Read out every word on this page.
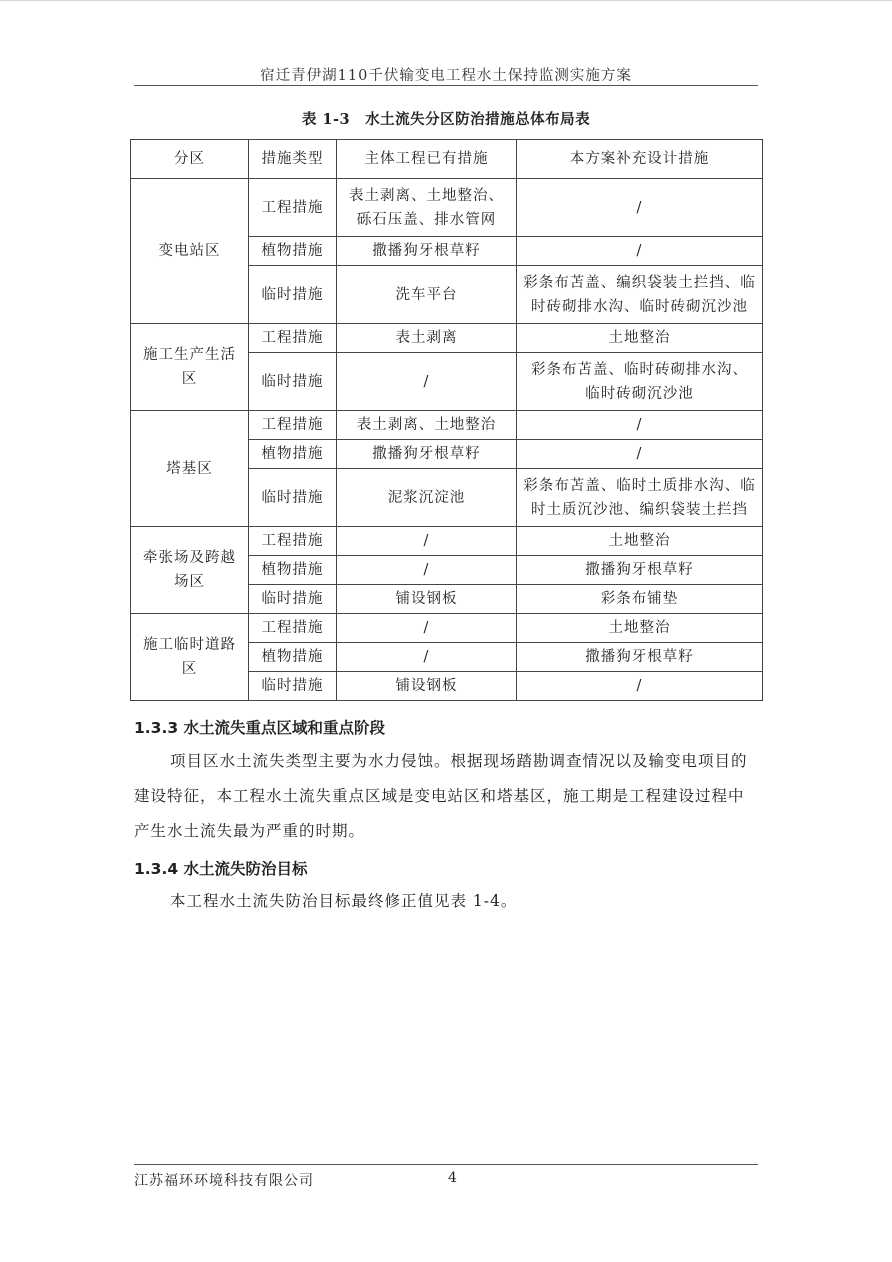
宿迁青伊湖110千伏输变电工程水土保持监测实施方案
表 1-3　水土流失分区防治措施总体布局表
分区	措施类型	主体工程已有措施	本方案补充设计措施
变电站区	工程措施	表土剥离、土地整治、
砾石压盖、排水管网	/

	植物措施	撒播狗牙根草籽	/

	临时措施	洗车平台	彩条布苫盖、编织袋装土拦挡、临
时砖砌排水沟、临时砖砌沉沙池

施工生产生活区	工程措施	表土剥离	土地整治

	临时措施	/	彩条布苫盖、临时砖砌排水沟、
临时砖砌沉沙池

塔基区	工程措施	表土剥离、土地整治	/

	植物措施	撒播狗牙根草籽	/

	临时措施	泥浆沉淀池	彩条布苫盖、临时土质排水沟、临
时土质沉沙池、编织袋装土拦挡

牵张场及跨越场区	工程措施	/	土地整治

	植物措施	/	撒播狗牙根草籽

	临时措施	铺设钢板	彩条布铺垫

施工临时道路区	工程措施	/	土地整治

	植物措施	/	撒播狗牙根草籽

	临时措施	铺设钢板	/
1.3.3 水土流失重点区域和重点阶段

项目区水土流失类型主要为水力侵蚀。根据现场踏勘调查情况以及输变电项目的建设特征，本工程水土流失重点区域是变电站区和塔基区，施工期是工程建设过程中产生水土流失最为严重的时期。

1.3.4 水土流失防治目标

本工程水土流失防治目标最终修正值见表 1-4。

江苏福环环境科技有限公司	4
